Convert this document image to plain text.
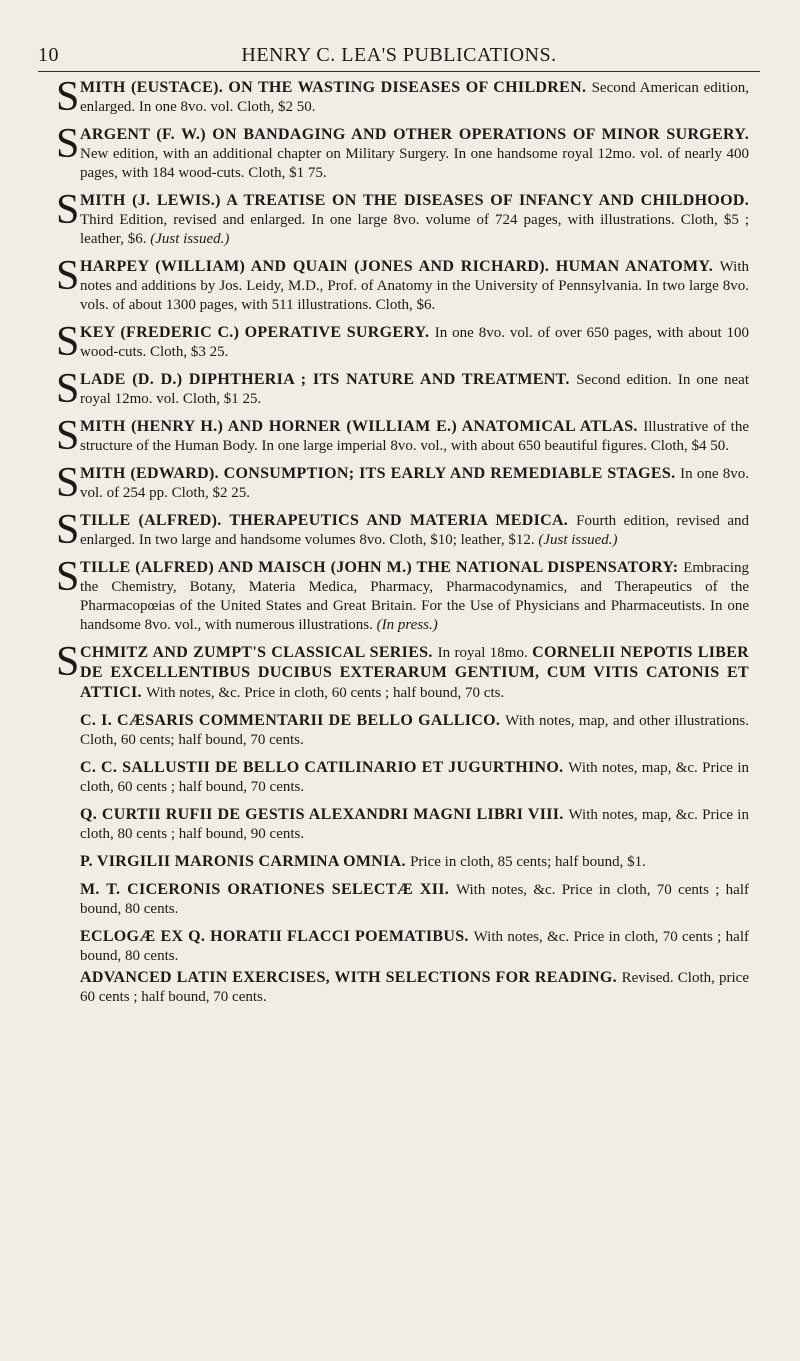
10	HENRY C. LEA'S PUBLICATIONS.
S MITH (EUSTACE). ON THE WASTING DISEASES OF CHILDREN. Second American edition, enlarged. In one 8vo. vol. Cloth, $2 50.
S ARGENT (F. W.) ON BANDAGING AND OTHER OPERATIONS OF MINOR SURGERY. New edition, with an additional chapter on Military Surgery. In one handsome royal 12mo. vol. of nearly 400 pages, with 184 wood-cuts. Cloth, $1 75.
S MITH (J. LEWIS.) A TREATISE ON THE DISEASES OF INFANCY AND CHILDHOOD. Third Edition, revised and enlarged. In one large 8vo. volume of 724 pages, with illustrations. Cloth, $5 ; leather, $6. (Just issued.)
S HARPEY (WILLIAM) AND QUAIN (JONES AND RICHARD). HUMAN ANATOMY. With notes and additions by Jos. Leidy, M.D., Prof. of Anatomy in the University of Pennsylvania. In two large 8vo. vols. of about 1300 pages, with 511 illustrations. Cloth, $6.
S KEY (FREDERIC C.) OPERATIVE SURGERY. In one 8vo. vol. of over 650 pages, with about 100 wood-cuts. Cloth, $3 25.
S LADE (D. D.) DIPHTHERIA ; ITS NATURE AND TREATMENT. Second edition. In one neat royal 12mo. vol. Cloth, $1 25.
S MITH (HENRY H.) AND HORNER (WILLIAM E.) ANATOMICAL ATLAS. Illustrative of the structure of the Human Body. In one large imperial 8vo. vol., with about 650 beautiful figures. Cloth, $4 50.
S MITH (EDWARD). CONSUMPTION; ITS EARLY AND REMEDIABLE STAGES. In one 8vo. vol. of 254 pp. Cloth, $2 25.
S TILLE (ALFRED). THERAPEUTICS AND MATERIA MEDICA. Fourth edition, revised and enlarged. In two large and handsome volumes 8vo. Cloth, $10; leather, $12. (Just issued.)
S TILLE (ALFRED) AND MAISCH (JOHN M.) THE NATIONAL DISPENSATORY: Embracing the Chemistry, Botany, Materia Medica, Pharmacy, Pharmacodynamics, and Therapeutics of the Pharmacopœias of the United States and Great Britain. For the Use of Physicians and Pharmaceutists. In one handsome 8vo. vol., with numerous illustrations. (In press.)
S CHMITZ AND ZUMPT'S CLASSICAL SERIES. In royal 18mo. CORNELII NEPOTIS LIBER DE EXCELLENTIBUS DUCIBUS EXTERARUM GENTIUM, CUM VITIS CATONIS ET ATTICI. With notes, &c. Price in cloth, 60 cents ; half bound, 70 cts.
C. I. CÆSARIS COMMENTARII DE BELLO GALLICO. With notes, map, and other illustrations. Cloth, 60 cents; half bound, 70 cents.
C. C. SALLUSTII DE BELLO CATILINARIO ET JUGURTHINO. With notes, map, &c. Price in cloth, 60 cents ; half bound, 70 cents.
Q. CURTII RUFII DE GESTIS ALEXANDRI MAGNI LIBRI VIII. With notes, map, &c. Price in cloth, 80 cents ; half bound, 90 cents.
P. VIRGILII MARONIS CARMINA OMNIA. Price in cloth, 85 cents; half bound, $1.
M. T. CICERONIS ORATIONES SELECTÆ XII. With notes, &c. Price in cloth, 70 cents ; half bound, 80 cents.
ECLOGÆ EX Q. HORATII FLACCI POEMATIBUS. With notes, &c. Price in cloth, 70 cents ; half bound, 80 cents.
ADVANCED LATIN EXERCISES, WITH SELECTIONS FOR READING. Revised. Cloth, price 60 cents ; half bound, 70 cents.
